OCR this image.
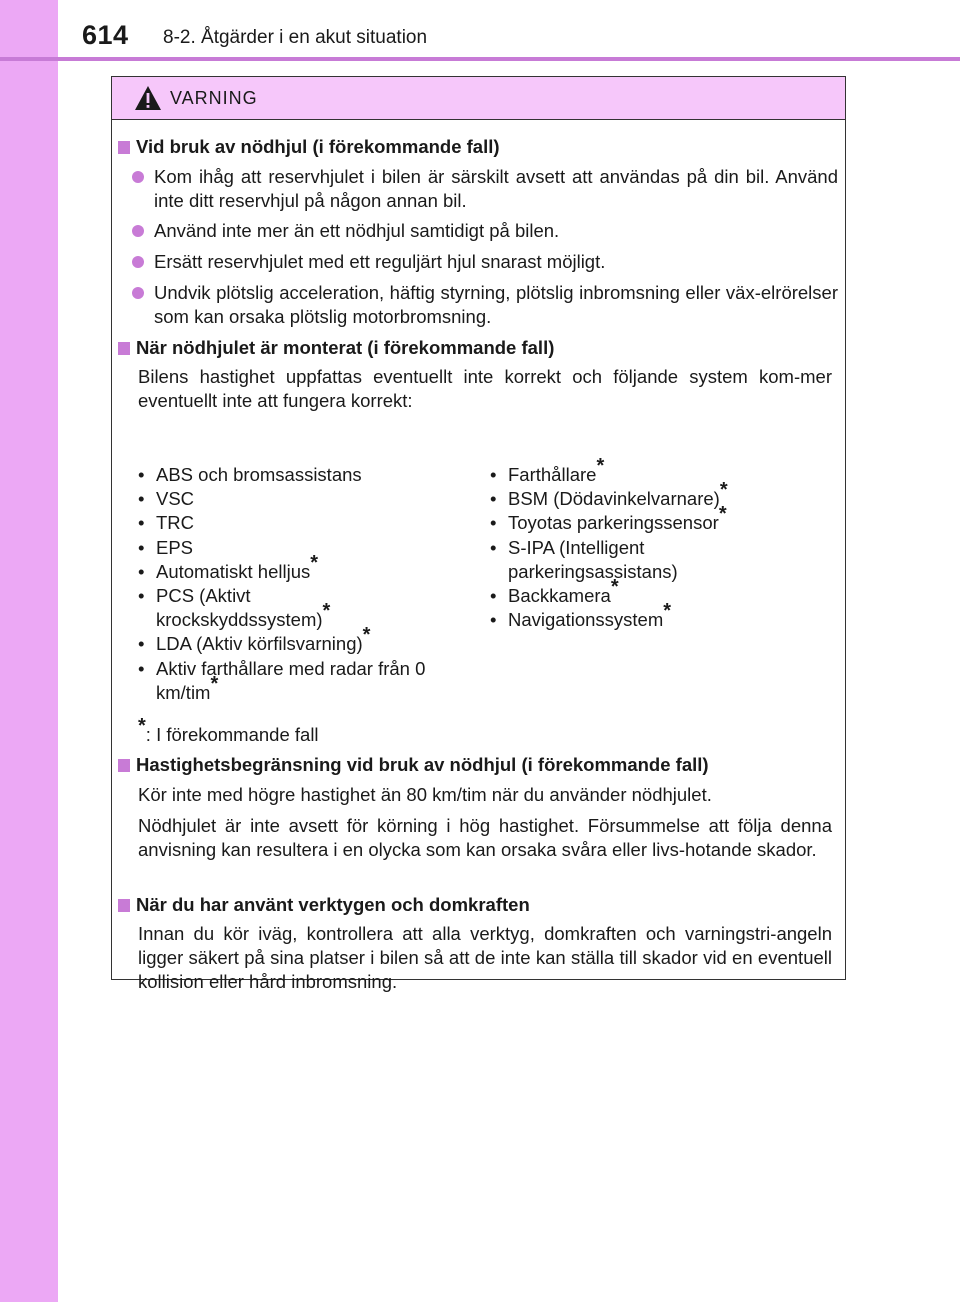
614 8-2. Åtgärder i en akut situation
VARNING
Vid bruk av nödhjul (i förekommande fall)
Kom ihåg att reservhjulet i bilen är särskilt avsett att användas på din bil. Använd inte ditt reservhjul på någon annan bil.
Använd inte mer än ett nödhjul samtidigt på bilen.
Ersätt reservhjulet med ett reguljärt hjul snarast möjligt.
Undvik plötslig acceleration, häftig styrning, plötslig inbromsning eller väx-elrörelser som kan orsaka plötslig motorbromsning.
När nödhjulet är monterat (i förekommande fall)
Bilens hastighet uppfattas eventuellt inte korrekt och följande system kom-mer eventuellt inte att fungera korrekt:
• ABS och bromsassistans
• VSC
• TRC
• EPS
• Automatiskt helljus*
• PCS (Aktivt krockskyddssystem)*
• LDA (Aktiv körfilsvarning)*
• Aktiv farthållare med radar från 0 km/tim*
• Farthållare*
• BSM (Dödavinkelvarnare)*
• Toyotas parkeringssensor*
• S-IPA (Intelligent parkeringsassistans)
• Backkamera*
• Navigationssystem*
*: I förekommande fall
Hastighetsbegränsning vid bruk av nödhjul (i förekommande fall)
Kör inte med högre hastighet än 80 km/tim när du använder nödhjulet.
Nödhjulet är inte avsett för körning i hög hastighet. Försummelse att följa denna anvisning kan resultera i en olycka som kan orsaka svåra eller livs-hotande skador.
När du har använt verktygen och domkraften
Innan du kör iväg, kontrollera att alla verktyg, domkraften och varningstri-angeln ligger säkert på sina platser i bilen så att de inte kan ställa till skador vid en eventuell kollision eller hård inbromsning.
